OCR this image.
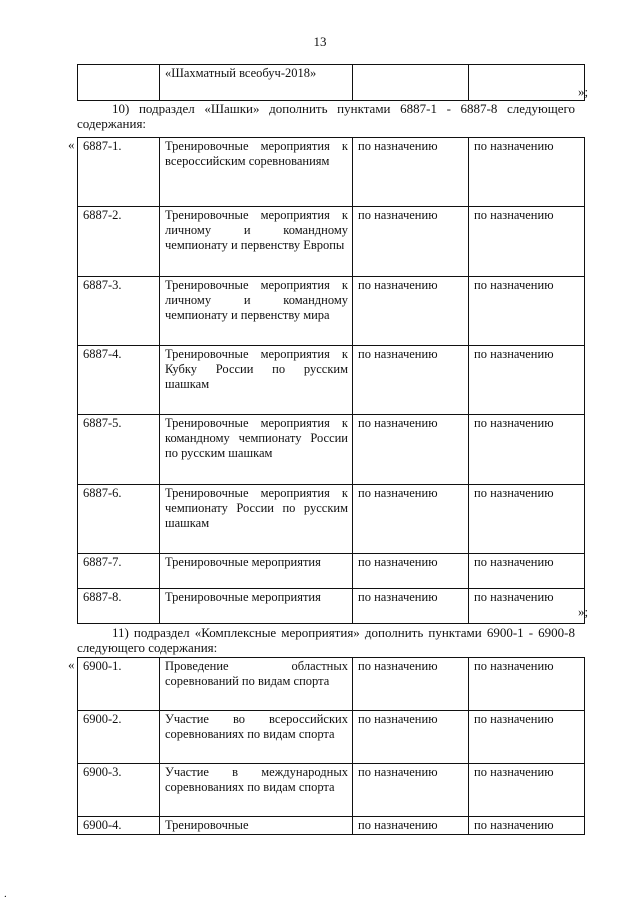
13
	«Шахматный всеобуч-2018»		
»;
10) подраздел «Шашки» дополнить пунктами 6887-1 - 6887-8 следующего содержания:
« 6887-1.	Тренировочные мероприятия к всероссийским соревнованиям	по назначению	по назначению
6887-2.	Тренировочные мероприятия к личному и командному чемпионату и первенству Европы	по назначению	по назначению
6887-3.	Тренировочные мероприятия к личному и командному чемпионату и первенству мира	по назначению	по назначению
6887-4.	Тренировочные мероприятия к Кубку России по русским шашкам	по назначению	по назначению
6887-5.	Тренировочные мероприятия к командному чемпионату России по русским шашкам	по назначению	по назначению
6887-6.	Тренировочные мероприятия к чемпионату России по русским шашкам	по назначению	по назначению
6887-7.	Тренировочные мероприятия	по назначению	по назначению
6887-8.	Тренировочные мероприятия	по назначению	по назначению
»;
11) подраздел «Комплексные мероприятия» дополнить пунктами 6900-1 - 6900-8 следующего содержания:
« 6900-1.	Проведение областных соревнований по видам спорта	по назначению	по назначению
6900-2.	Участие во всероссийских соревнованиях по видам спорта	по назначению	по назначению
6900-3.	Участие в международных соревнованиях по видам спорта	по назначению	по назначению
6900-4.	Тренировочные	по назначению	по назначению
.
